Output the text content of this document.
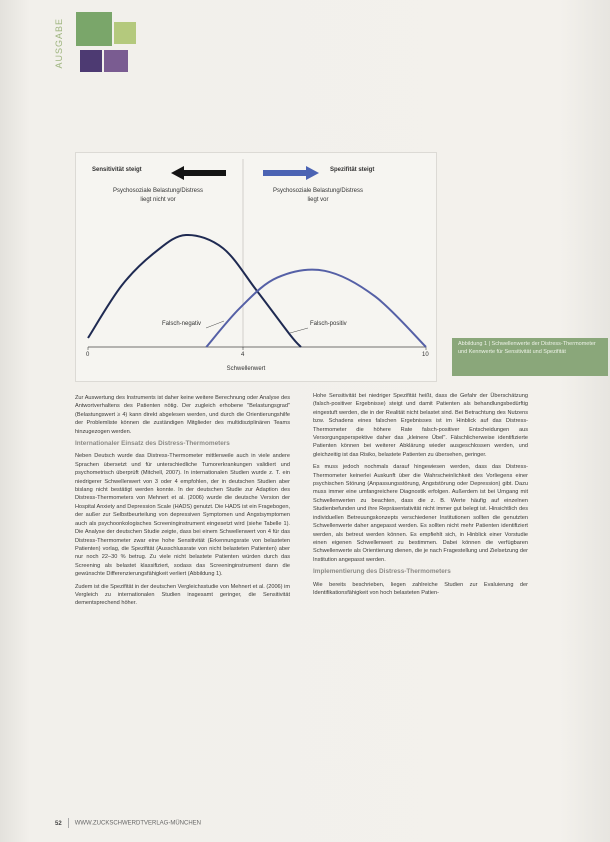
AUSGABE
Sensitivität steigt	Spezifität steigt
Psychosoziale Belastung/Distress
liegt nicht vor
Psychosoziale Belastung/Distress
liegt vor
Falsch-negativ	Falsch-positiv
0	4	10
Schwellenwert
Abbildung 1 | Schwellenwerte der Distress-Thermometer und Kennwerte für Sensitivität und Spezifität

Zur Auswertung des Instruments ist daher keine weitere Berechnung oder Analyse des Antwortverhaltens des Patienten nötig. Der zugleich erhobene "Belastungsgrad" (Belastungswert ≥ 4) kann direkt abgelesen werden, und durch die Orientierungshilfe der Problemliste können die zuständigen Mitglieder des multidisziplinären Teams hinzugezogen werden.

Internationaler Einsatz des Distress-Thermometers

Neben Deutsch wurde das Distress-Thermometer mittlerweile auch in viele andere Sprachen übersetzt und für unterschiedliche Tumorerkrankungen validiert und psychometrisch überprüft (Mitchell, 2007). In internationalen Studien wurde z. T. ein niedrigerer Schwellenwert von 3 oder 4 empfohlen, der in deutschen Studien aber bislang nicht bestätigt werden konnte. In der deutschen Studie zur Adaption des Distress-Thermometers von Mehnert et al. (2006) wurde die deutsche Version der Hospital Anxiety and Depression Scale (HADS) genutzt. Die HADS ist ein Fragebogen, der außer zur Selbstbeurteilung von depressiven Symptomen und Angstsymptomen auch als psychoonkologisches Screeninginstrument eingesetzt wird (siehe Tabelle 1). Die Analyse der deutschen Studie zeigte, dass bei einem Schwellenwert von 4 für das Distress-Thermometer zwar eine hohe Sensitivität (Erkennungsrate von belasteten Patienten) vorlag, die Spezifität (Ausschlussrate von nicht belasteten Patienten) aber nur noch 22–30 % betrug. Zu viele nicht belastete Patienten würden durch das Screening als belastet klassifiziert, sodass das Screeninginstrument dann die gewünschte Differenzierungsfähigkeit verliert (Abbildung 1).

Zudem ist die Spezifität in der deutschen Vergleichsstudie von Mehnert et al. (2006) im Vergleich zu internationalen Studien insgesamt geringer, die Sensitivität dementsprechend höher.

Hohe Sensitivität bei niedriger Spezifität heißt, dass die Gefahr der Überschätzung (falsch-positiver Ergebnisse) steigt und damit Patienten als behandlungsbedürftig eingestuft werden, die in der Realität nicht belastet sind. Bei Betrachtung des Nutzens bzw. Schadens eines falschen Ergebnisses ist im Hinblick auf das Distress-Thermometer die höhere Rate falsch-positiver Entscheidungen aus Versorgungsperspektive daher das „kleinere Übel". Fälschlicherweise identifizierte Patienten können bei weiterer Abklärung wieder ausgeschlossen werden, und gleichzeitig ist das Risiko, belastete Patienten zu übersehen, geringer.

Es muss jedoch nochmals darauf hingewiesen werden, dass das Distress-Thermometer keinerlei Auskunft über die Wahrscheinlichkeit des Vorliegens einer psychischen Störung (Anpassungsstörung, Angststörung oder Depression) gibt. Dazu muss immer eine umfangreichere Diagnostik erfolgen. Außerdem ist bei Umgang mit Schwellenwerten zu beachten, dass die z. B. Werte häufig auf einzelnen Studienbefunden und ihre Repräsentativität nicht immer gut belegt ist. Hinsichtlich des individuellen Betreuungskonzepts verschiedener Institutionen sollten die genutzten Schwellenwerte daher angepasst werden. Es sollten nicht mehr Patienten identifiziert werden, als betreut werden können. Es empfiehlt sich, in Hinblick einer Vorstudie einen eigenen Schwellenwert zu bestimmen. Dabei können die verfügbaren Schwellenwerte als Orientierung dienen, die je nach Fragestellung und Zielsetzung der Institution angepasst werden.

Implementierung des Distress-Thermometers

Wie bereits beschrieben, liegen zahlreiche Studien zur Evaluierung der Identifikationsfähigkeit von hoch belasteten Patien-

52 WWW.ZUCKSCHWERDTVERLAG-MÜNCHEN
